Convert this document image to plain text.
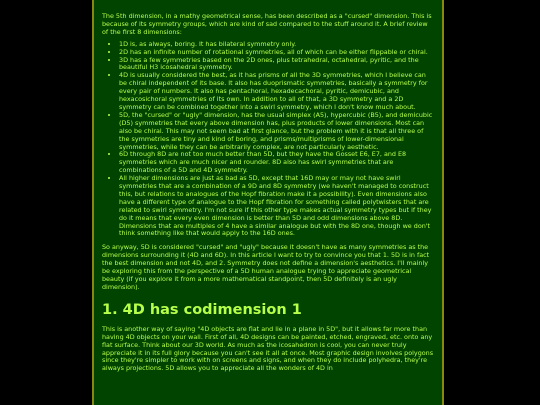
The 5th dimension, in a mathy geometrical sense, has been described as a "cursed" dimension. This is because of its symmetry groups, which are kind of sad compared to the stuff around it. A brief review of the first 8 dimensions:

• 1D is, as always, boring. It has bilateral symmetry only.
• 2D has an infinite number of rotational symmetries, all of which can be either flippable or chiral.
• 3D has a few symmetries based on the 2D ones, plus tetrahedral, octahedral, pyritic, and the beautiful H3 icosahedral symmetry.
• 4D is usually considered the best, as it has prisms of all the 3D symmetries, which I believe can be chiral independent of its base. It also has duoprismatic symmetries, basically a symmetry for every pair of numbers. It also has pentachoral, hexadecachoral, pyritic, demicubic, and hexacosichoral symmetries of its own. In addition to all of that, a 3D symmetry and a 2D symmetry can be combined together into a swirl symmetry, which I don't know much about.
• 5D, the "cursed" or "ugly" dimension, has the usual simplex (A5), hypercubic (B5), and demicubic (D5) symmetries that every above dimension has, plus products of lower dimensions. Most can also be chiral. This may not seem bad at first glance, but the problem with it is that all three of the symmetries are tiny and kind of boring, and prisms/multiprisms of lower-dimensional symmetries, while they can be arbitrarily complex, are not particularly aesthetic.
• 6D through 8D are not too much better than 5D, but they have the Gosset E6, E7, and E8 symmetries which are much nicer and rounder. 8D also has swirl symmetries that are combinations of a 5D and 4D symmetry.
• All higher dimensions are just as bad as 5D, except that 16D may or may not have swirl symmetries that are a combination of a 9D and 8D symmetry (we haven't managed to construct this, but relations to analogues of the Hopf fibration make it a possibility). Even dimensions also have a different type of analogue to the Hopf fibration for something called polytwisters that are related to swirl symmetry. I'm not sure if this other type makes actual symmetry types but if they do it means that every even dimension is better than 5D and odd dimensions above 8D. Dimensions that are multiples of 4 have a similar analogue but with the 8D one, though we don't think something like that would apply to the 16D ones.

So anyway, 5D is considered "cursed" and "ugly" because it doesn't have as many symmetries as the dimensions surrounding it (4D and 6D). In this article I want to try to convince you that 1. 5D is in fact the best dimension and not 4D, and 2. Symmetry does not define a dimension's aesthetics. I'll mainly be exploring this from the perspective of a 5D human analogue trying to appreciate geometrical beauty (if you explore it from a more mathematical standpoint, then 5D definitely is an ugly dimension).

1. 4D has codimension 1

This is another way of saying "4D objects are flat and lie in a plane in 5D", but it allows far more than having 4D objects on your wall. First of all, 4D designs can be painted, etched, engraved, etc. onto any flat surface. Think about our 3D world. As much as the icosahedron is cool, you can never truly appreciate it in its full glory because you can't see it all at once. Most graphic design involves polygons since they're simpler to work with on screens and signs, and when they do include polyhedra, they're always projections. 5D allows you to appreciate all the wonders of 4D in
